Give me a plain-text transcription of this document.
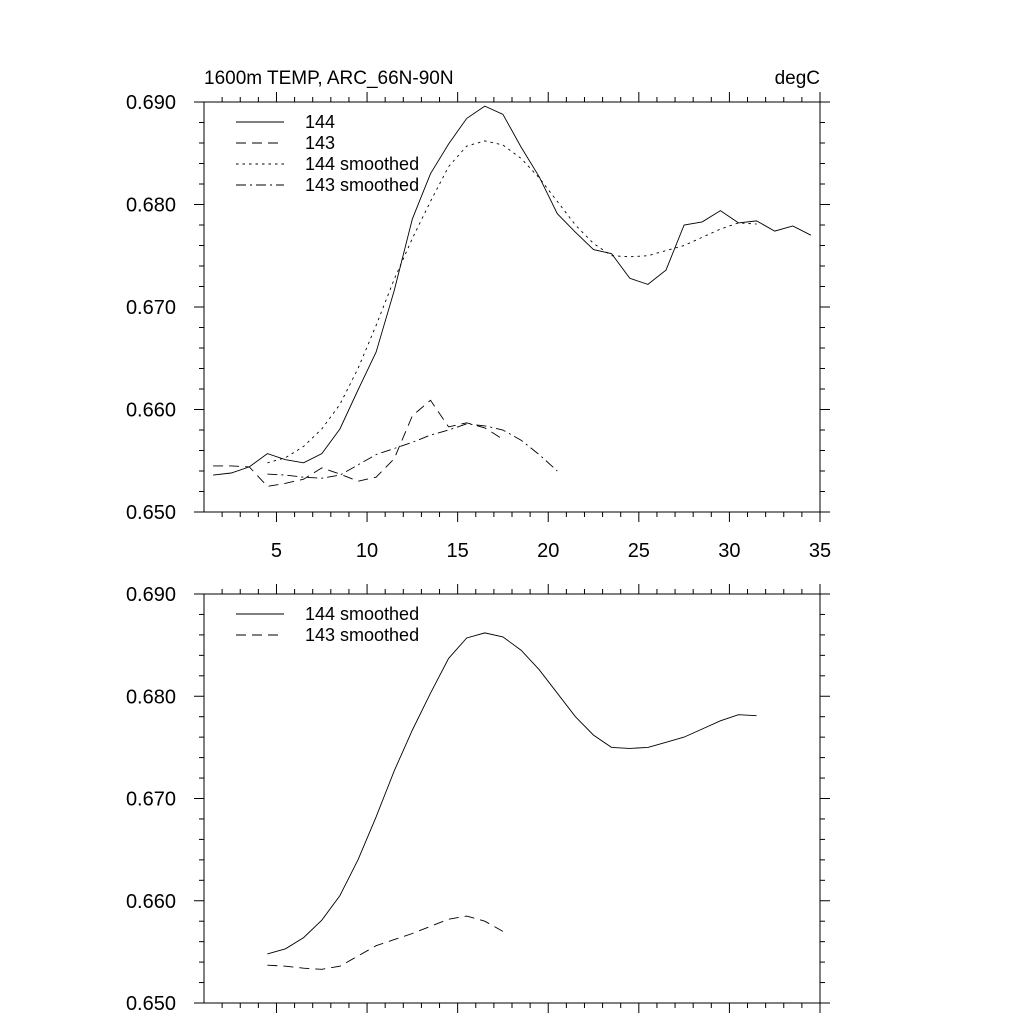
1600m TEMP, ARC_66N-90N	degC
5	10	15	20	25	30	35
0.650
0.660
0.670
0.680
0.690
144
143
144 smoothed
143 smoothed
0.650
0.660
0.670
0.680
0.690
144 smoothed
143 smoothed
